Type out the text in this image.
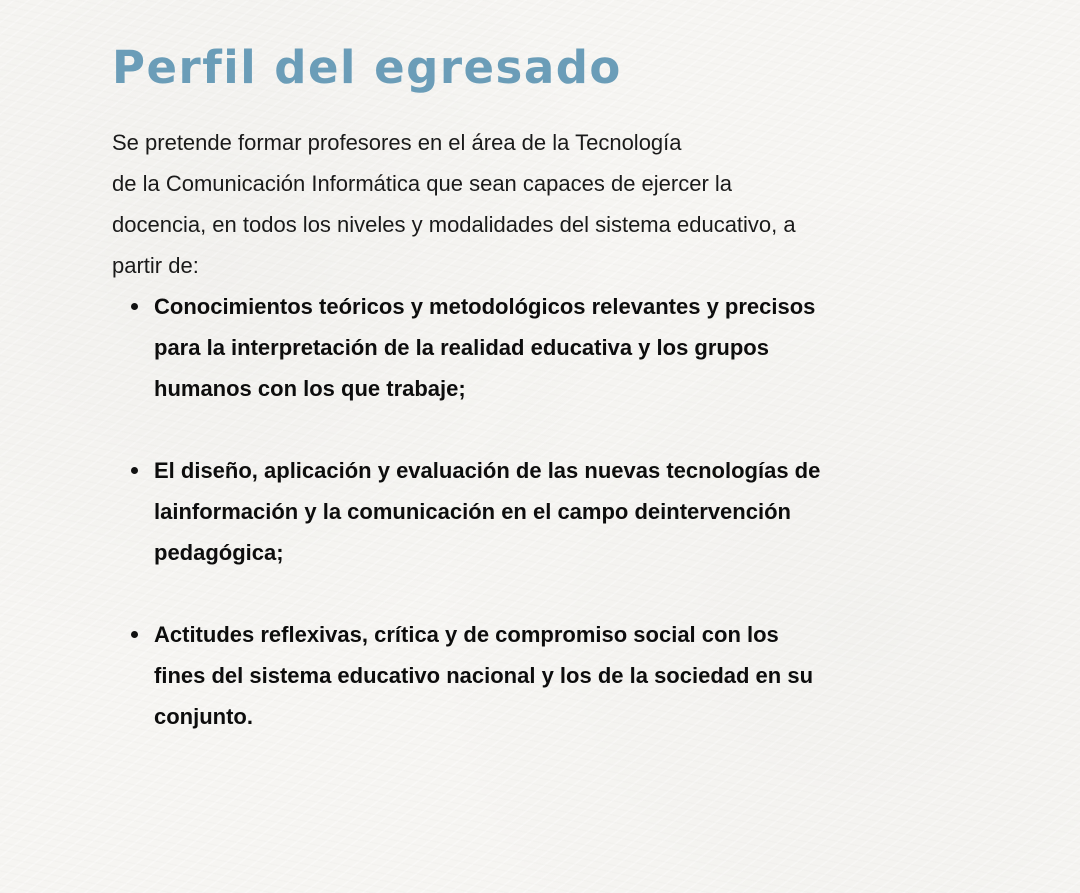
Perfil del egresado

Se pretende formar profesores en el área de la Tecnología
de la Comunicación Informática que sean capaces de ejercer la
docencia, en todos los niveles y modalidades del sistema educativo, a
partir de:

Conocimientos teóricos y metodológicos relevantes y precisos
para la interpretación de la realidad educativa y los grupos
humanos con los que trabaje;
El diseño, aplicación y evaluación de las nuevas tecnologías de
lainformación y la comunicación en el campo deintervención
pedagógica;
Actitudes reflexivas, crítica y de compromiso social con los
fines del sistema educativo nacional y los de la sociedad en su
conjunto.
